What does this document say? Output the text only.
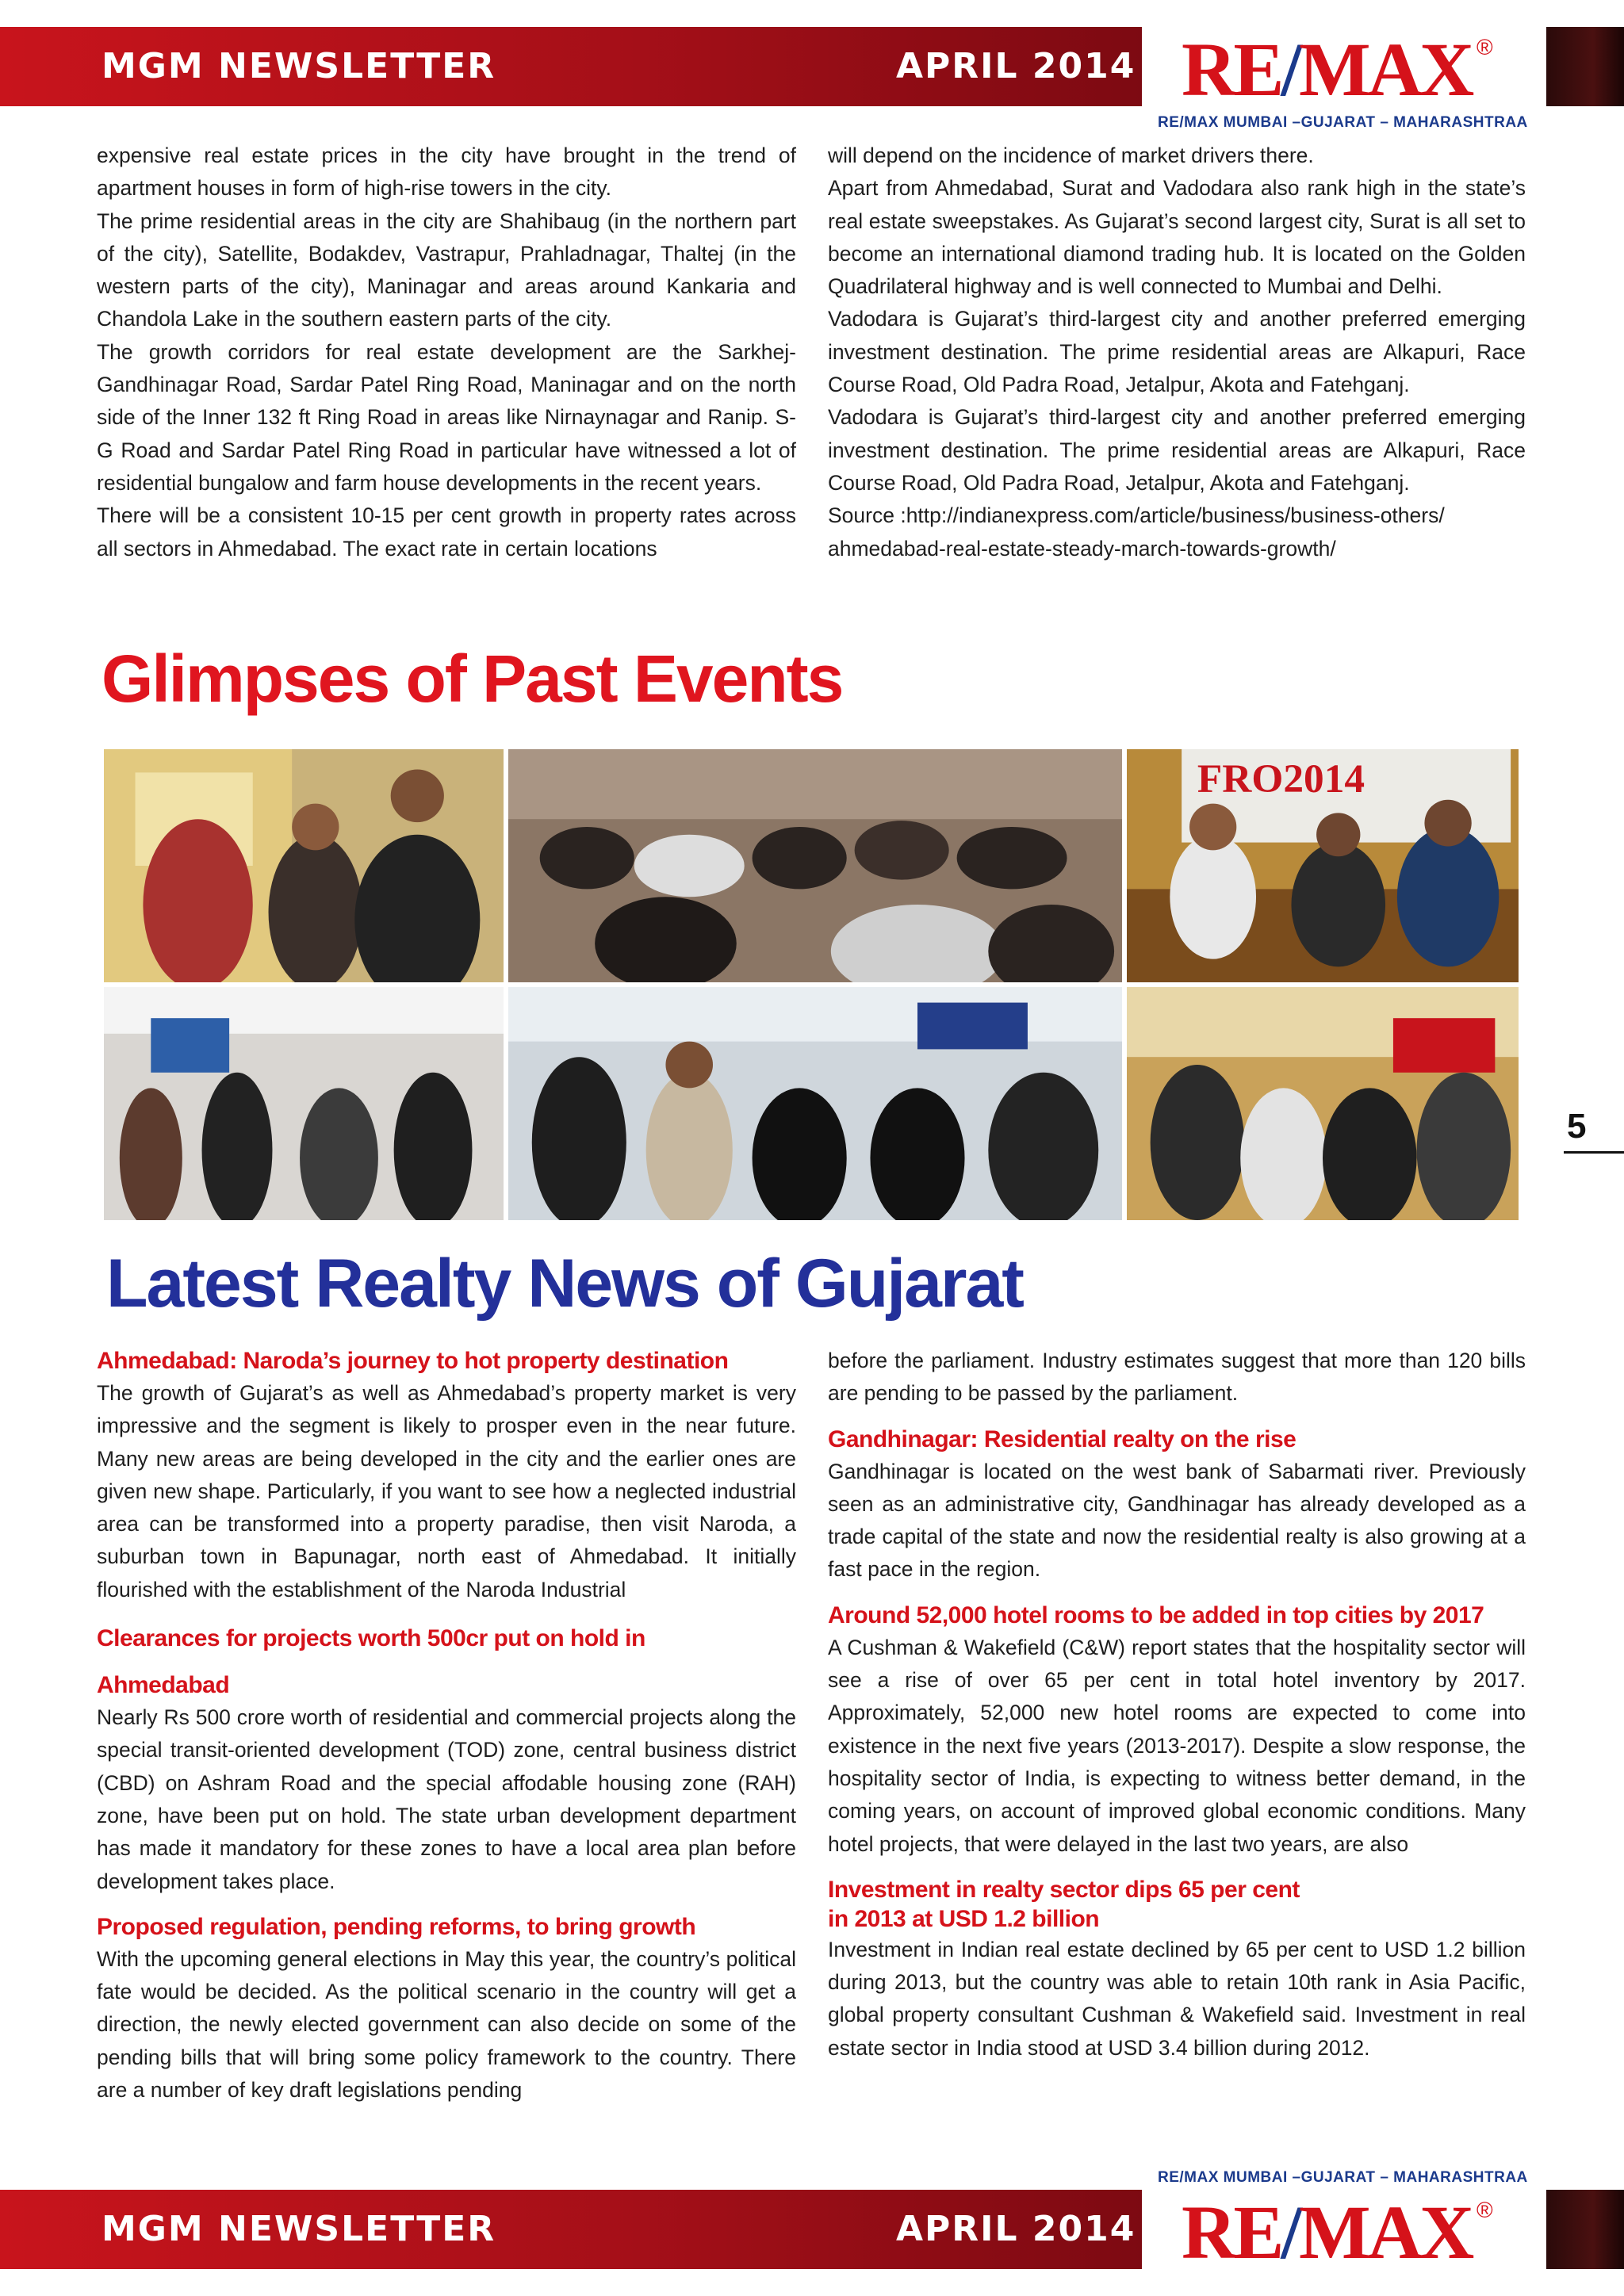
MGM NEWSLETTER	APRIL 2014 RE/MAX ®
RE/MAX MUMBAI –GUJARAT – MAHARASHTRAA

expensive real estate prices in the city have brought in the trend of apartment houses in form of high-rise towers in the city.

The prime residential areas in the city are Shahibaug (in the northern part of the city), Satellite, Bodakdev, Vastrapur, Prahladnagar, Thaltej (in the western parts of the city), Maninagar and areas around Kankaria and Chandola Lake in the southern eastern parts of the city.

The growth corridors for real estate development are the Sarkhej-Gandhinagar Road, Sardar Patel Ring Road, Maninagar and on the north side of the Inner 132 ft Ring Road in areas like Nirnaynagar and Ranip. S-G Road and Sardar Patel Ring Road in particular have witnessed a lot of residential bungalow and farm house developments in the recent years.

There will be a consistent 10-15 per cent growth in property rates across all sectors in Ahmedabad. The exact rate in certain locations

will depend on the incidence of market drivers there.

Apart from Ahmedabad, Surat and Vadodara also rank high in the state’s real estate sweepstakes. As Gujarat’s second largest city, Surat is all set to become an international diamond trading hub. It is located on the Golden Quadrilateral highway and is well connected to Mumbai and Delhi.

Vadodara is Gujarat’s third-largest city and another preferred emerging investment destination. The prime residential areas are Alkapuri, Race Course Road, Old Padra Road, Jetalpur, Akota and Fatehganj.

Vadodara is Gujarat’s third-largest city and another preferred emerging investment destination. The prime residential areas are Alkapuri, Race Course Road, Old Padra Road, Jetalpur, Akota and Fatehganj.

Source :http://indianexpress.com/article/business/business-others/ ahmedabad-real-estate-steady-march-towards-growth/

Glimpses of Past Events
FRO2014
5
Latest Realty News of Gujarat
Ahmedabad: Naroda’s journey to hot property destination

The growth of Gujarat’s as well as Ahmedabad’s property market is very impressive and the segment is likely to prosper even in the near future. Many new areas are being developed in the city and the earlier ones are given new shape. Particularly, if you want to see how a neglected industrial area can be transformed into a property paradise, then visit Naroda, a suburban town in Bapunagar, north east of Ahmedabad. It initially flourished with the establishment of the Naroda Industrial

Clearances for projects worth 500cr put on hold in
Ahmedabad

Nearly Rs 500 crore worth of residential and commercial projects along the special transit-oriented development (TOD) zone, central business district (CBD) on Ashram Road and the special affodable housing zone (RAH) zone, have been put on hold. The state urban development department has made it mandatory for these zones to have a local area plan before development takes place.

Proposed regulation, pending reforms, to bring growth

With the upcoming general elections in May this year, the country’s political fate would be decided. As the political scenario in the country will get a direction, the newly elected government can also decide on some of the pending bills that will bring some policy framework to the country. There are a number of key draft legislations pending

before the parliament. Industry estimates suggest that more than 120 bills are pending to be passed by the parliament.

Gandhinagar: Residential realty on the rise

Gandhinagar is located on the west bank of Sabarmati river. Previously seen as an administrative city, Gandhinagar has already developed as a trade capital of the state and now the residential realty is also growing at a fast pace in the region.

Around 52,000 hotel rooms to be added in top cities by 2017

A Cushman & Wakefield (C&W) report states that the hospitality sector will see a rise of over 65 per cent in total hotel inventory by 2017. Approximately, 52,000 new hotel rooms are expected to come into existence in the next five years (2013-2017). Despite a slow response, the hospitality sector of India, is expecting to witness better demand, in the coming years, on account of improved global economic conditions. Many hotel projects, that were delayed in the last two years, are also

Investment in realty sector dips 65 per cent
in 2013 at USD 1.2 billion

Investment in Indian real estate declined by 65 per cent to USD 1.2 billion during 2013, but the country was able to retain 10th rank in Asia Pacific, global property consultant Cushman & Wakefield said. Investment in real estate sector in India stood at USD 3.4 billion during 2012.

RE/MAX MUMBAI –GUJARAT – MAHARASHTRAA
MGM NEWSLETTER	APRIL 2014 RE/MAX ®
